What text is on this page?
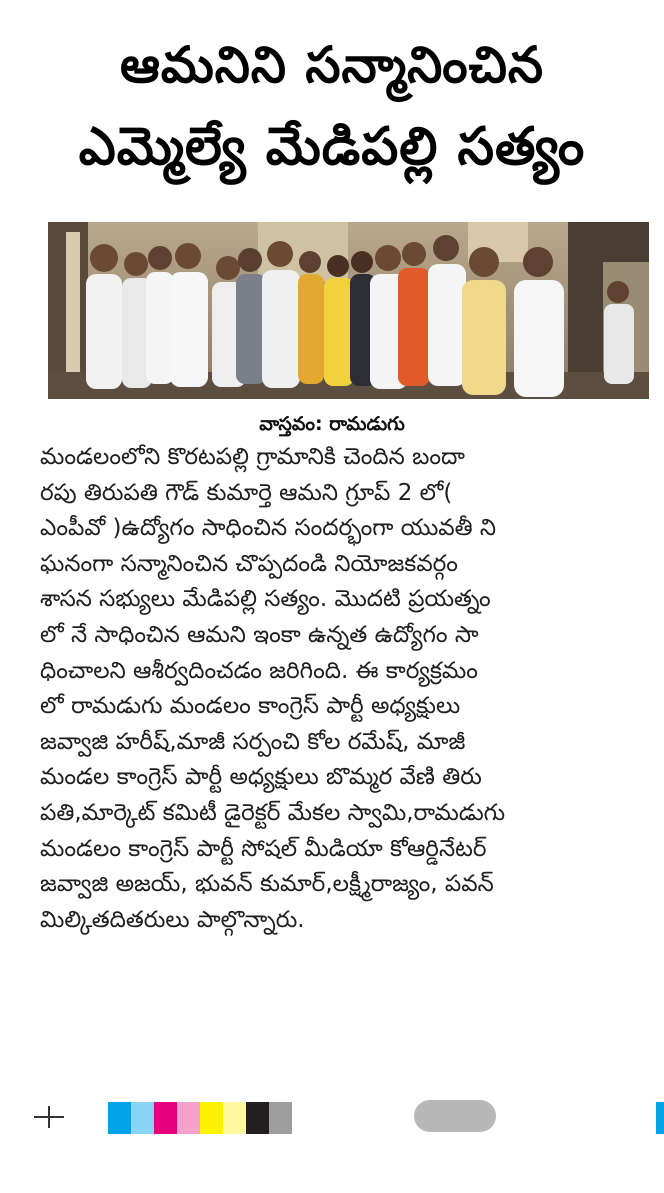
ఆమనిని సన్మానించిన
ఎమ్మెల్యే మేడిపల్లి సత్యం
వాస్తవం: రామడుగు
మండలంలోని కొరటపల్లి గ్రామానికి చెందిన బందా
రపు తిరుపతి గౌడ్ కుమార్తె ఆమని గ్రూప్ 2 లో(
ఎంపీవో )ఉద్యోగం సాధించిన సందర్భంగా యువతీ ని
ఘనంగా సన్మానించిన చొప్పదండి నియోజకవర్గం
శాసన సభ్యులు మేడిపల్లి సత్యం. మొదటి ప్రయత్నం
లో నే సాధించిన ఆమని ఇంకా ఉన్నత ఉద్యోగం సా
ధించాలని ఆశీర్వదించడం జరిగింది. ఈ కార్యక్రమం
లో రామడుగు మండలం కాంగ్రెస్ పార్టీ అధ్యక్షులు
జవ్వాజి హరీష్,మాజీ సర్పంచి కోల రమేష్, మాజీ
మండల కాంగ్రెస్ పార్టీ అధ్యక్షులు బొమ్మర వేణి తిరు
పతి,మార్కెట్ కమిటీ డైరెక్టర్ మేకల స్వామి,రామడుగు
మండలం కాంగ్రెస్ పార్టీ సోషల్ మీడియా కోఆర్డినేటర్
జవ్వాజి అజయ్, భువన్ కుమార్,లక్ష్మీరాజ్యం, పవన్
మిల్కితదితరులు పాల్గొన్నారు.
